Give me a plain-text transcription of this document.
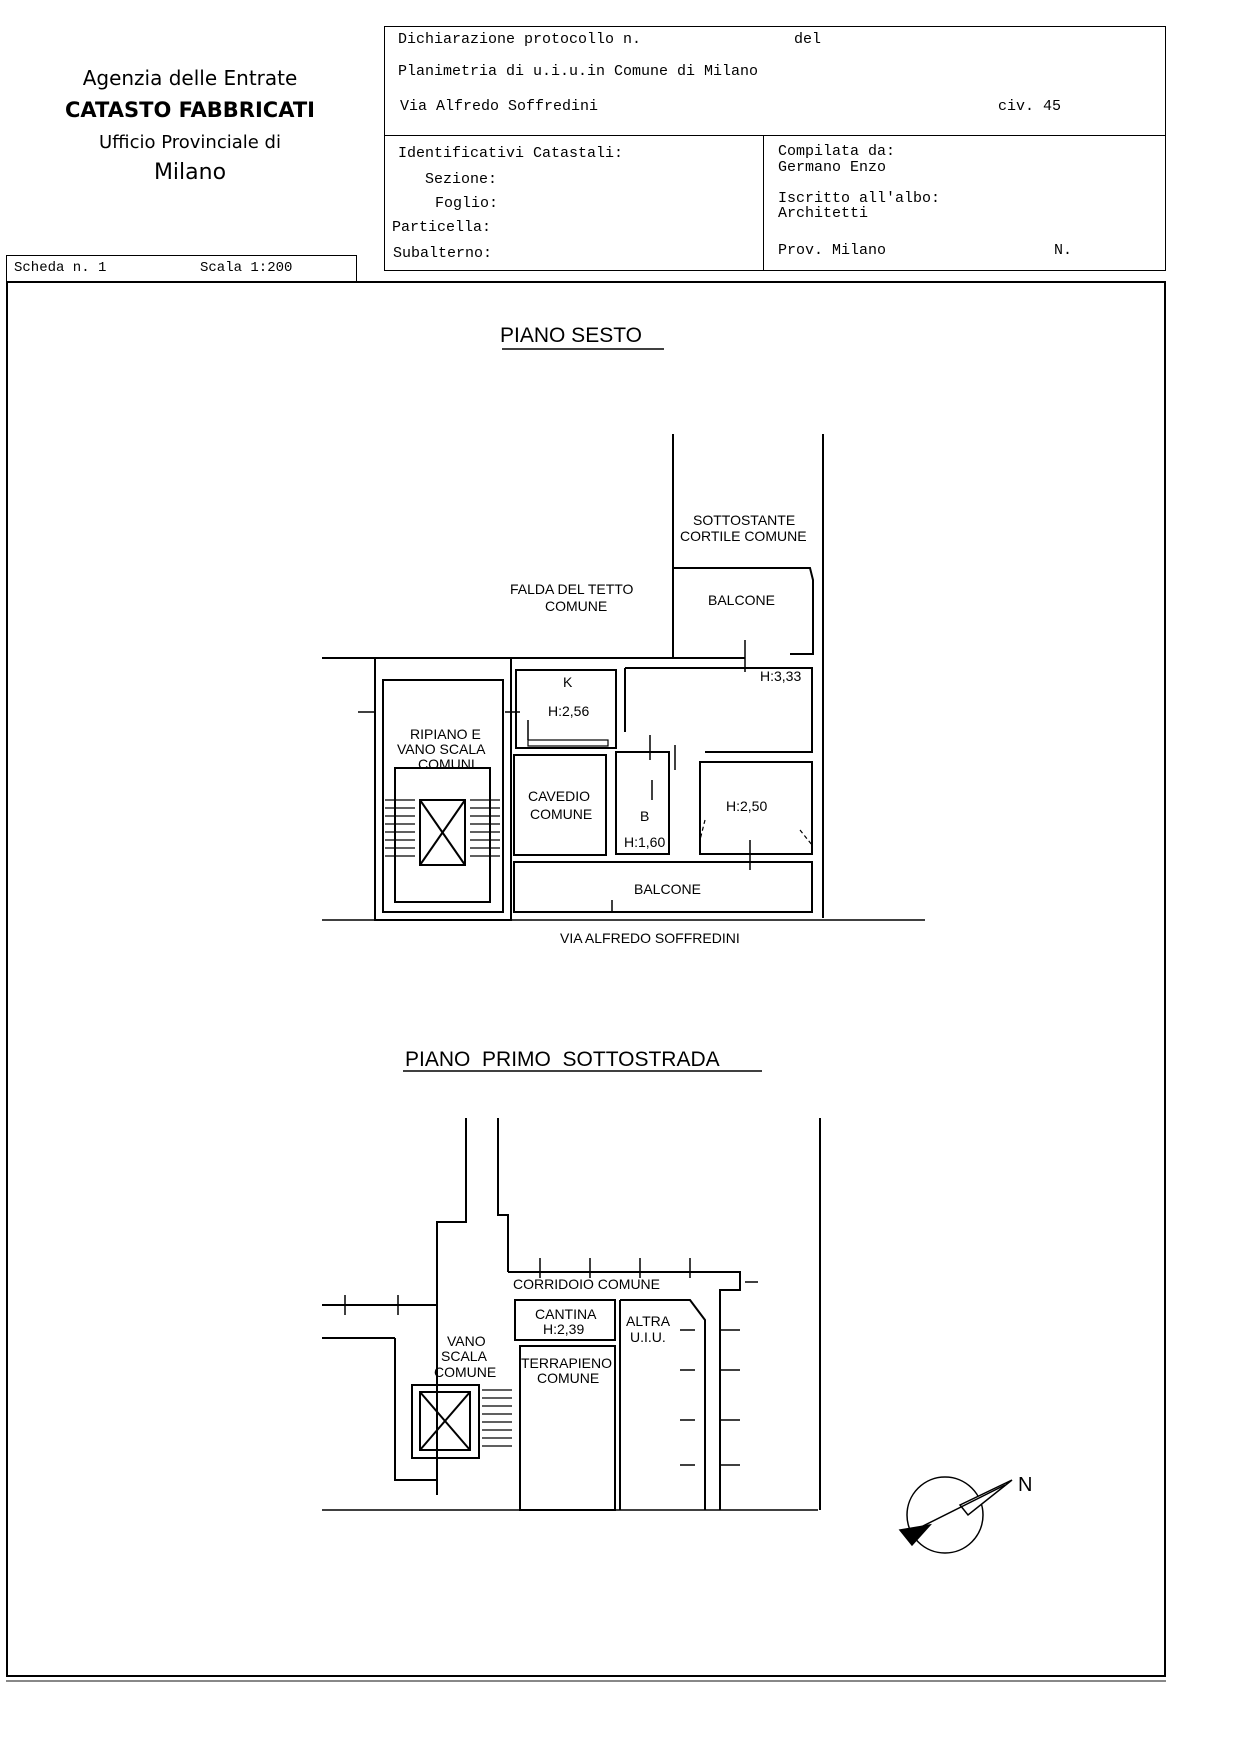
Agenzia delle Entrate
CATASTO FABBRICATI
Ufficio Provinciale di
Milano
Dichiarazione protocollo n.	del
Planimetria di u.i.u.in Comune di Milano
Via Alfredo Soffredini	civ. 45
Identificativi Catastali:
Sezione:
Foglio:
Particella:
Subalterno:
Compilata da:
Germano Enzo
Iscritto all'albo:
Architetti
Prov. Milano	N.
Scheda n. 1	Scala 1:200
PIANO SESTO
SOTTOSTANTE
CORTILE COMUNE
FALDA DEL TETTO
COMUNE	BALCONE
H:3,33
K
H:2,56
RIPIANO E
VANO SCALA
COMUNI
CAVEDIO
COMUNE	B
H:1,60
H:2,50
BALCONE
VIA ALFREDO SOFFREDINI
PIANO  PRIMO  SOTTOSTRADA
CORRIDOIO COMUNE
CANTINA
H:2,39	ALTRA
U.I.U.
VANO
SCALA
COMUNE
TERRAPIENO
COMUNE
N
